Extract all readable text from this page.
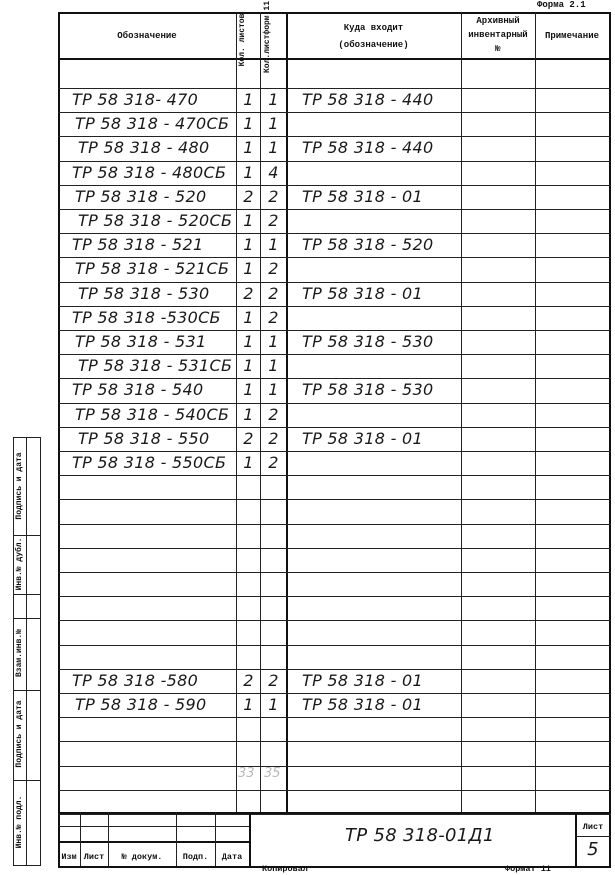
Форма 2.1
Обозначение	Кол. листов	Кол.листформ.11	Куда входит
(обозначение)
Архивный
инвентарный
№
Примечание
ТР 58 318- 470	1 1	ТР 58 318 - 440
ТР 58 318 - 470СБ 1 1
ТР 58 318 - 480	1 1	ТР 58 318 - 440
ТР 58 318 - 480СБ	1 4
ТР 58 318 - 520	2 2	ТР 58 318 - 01
ТР 58 318 - 520СБ 1 2
ТР 58 318 - 521	1 1	ТР 58 318 - 520
ТР 58 318 - 521СБ 1 2
ТР 58 318 - 530	2 2	ТР 58 318 - 01
ТР 58 318 -530СБ	1 2
ТР 58 318 - 531	1 1	ТР 58 318 - 530
ТР 58 318 - 531СБ 1 1
ТР 58 318 - 540	1 1	ТР 58 318 - 530
ТР 58 318 - 540СБ 1 2
ТР 58 318 - 550	2 2	ТР 58 318 - 01
ТР 58 318 - 550СБ	1 2
ТР 58 318 -580	2 2	ТР 58 318 - 01
ТР 58 318 - 590	1 1	ТР 58 318 - 01
33 35
Подпись и дата
Инв.№ дубл.
Взам.инв.№
Подпись и дата
Инв.№ подл.
Изм Лист	№ докум.	Подп.	Дата
ТР 58 318-01Д1	Лист
5
Копировал	Формат 11
